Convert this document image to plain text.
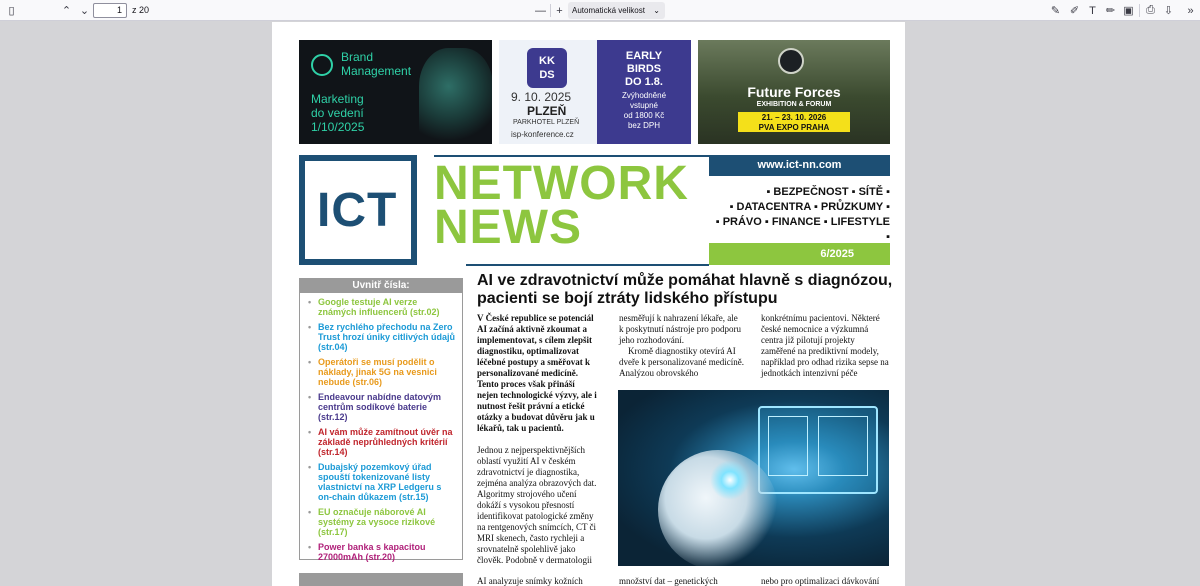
▯	⌃ ⌄	1	z 20	— +	Automatická velikost ⌄	✎ ✐ T ✏ ▣	⎙ ⇩	»
Brand
Management
Marketing
do vedení
1/10/2025
KK
DS
9. 10. 2025
PLZEŇ
PARKHOTEL PLZEŇ
isp-konference.cz
EARLY
BIRDS
DO 1.8.
Zvýhodněné
vstupné
od 1800 Kč
bez DPH
Future Forces
EXHIBITION & FORUM
21. – 23. 10. 2026
PVA EXPO PRAHA
ICT
NETWORK
NEWS
www.ict-nn.com
▪ BEZPEČNOST ▪ SÍTĚ ▪
▪ DATACENTRA ▪ PRŮZKUMY ▪
▪ PRÁVO ▪ FINANCE ▪ LIFESTYLE ▪
6/2025
Uvnitř čísla:
• Google testuje AI verze známých influencerů (str.02)
• Bez rychlého přechodu na Zero Trust hrozí úniky citlivých údajů (str.04)
• Operátoři se musí podělit o náklady, jinak 5G na vesnici nebude (str.06)
• Endeavour nabídne datovým centrům sodíkové baterie (str.12)
• AI vám může zamítnout úvěr na základě neprůhledných kritérií (str.14)
• Dubajský pozemkový úřad spouští tokenizované listy vlastnictví na XRP Ledgeru s on-chain důkazem (str.15)
• EU označuje náborové AI systémy za vysoce rizikové (str.17)
• Power banka s kapacitou 27000mAh (str.20)
AI ve zdravotnictví může pomáhat hlavně s diagnózou, pacienti se bojí ztráty lidského přístupu

V České republice se potenciál AI začíná aktivně zkoumat a implementovat, s cílem zlepšit diagnostiku, optimalizovat léčebné postupy a směřovat k personalizované medicíně. Tento proces však přináší nejen technologické výzvy, ale i nutnost řešit právní a etické otázky a budovat důvěru jak u lékařů, tak u pacientů.

Jednou z nejperspektivnějších oblastí využití AI v českém zdravotnictví je diagnostika, zejména analýza obrazových dat. Algoritmy strojového učení dokáží s vysokou přesností identifikovat patologické změny na rentgenových snímcích, CT či MRI skenech, často rychleji a srovnatelně spolehlivě jako člověk. Podobně v dermatologii

AI analyzuje snímky kožních

nesměřují k nahrazení lékaře, ale k poskytnutí nástroje pro podporu jeho rozhodování.

Kromě diagnostiky otevírá AI dveře k personalizované medicíně. Analýzou obrovského

množství dat – genetických

konkrétnímu pacientovi. Některé české nemocnice a výzkumná centra již pilotují projekty zaměřené na prediktivní modely, například pro odhad rizika sepse na jednotkách intenzivní péče

nebo pro optimalizaci dávkování
